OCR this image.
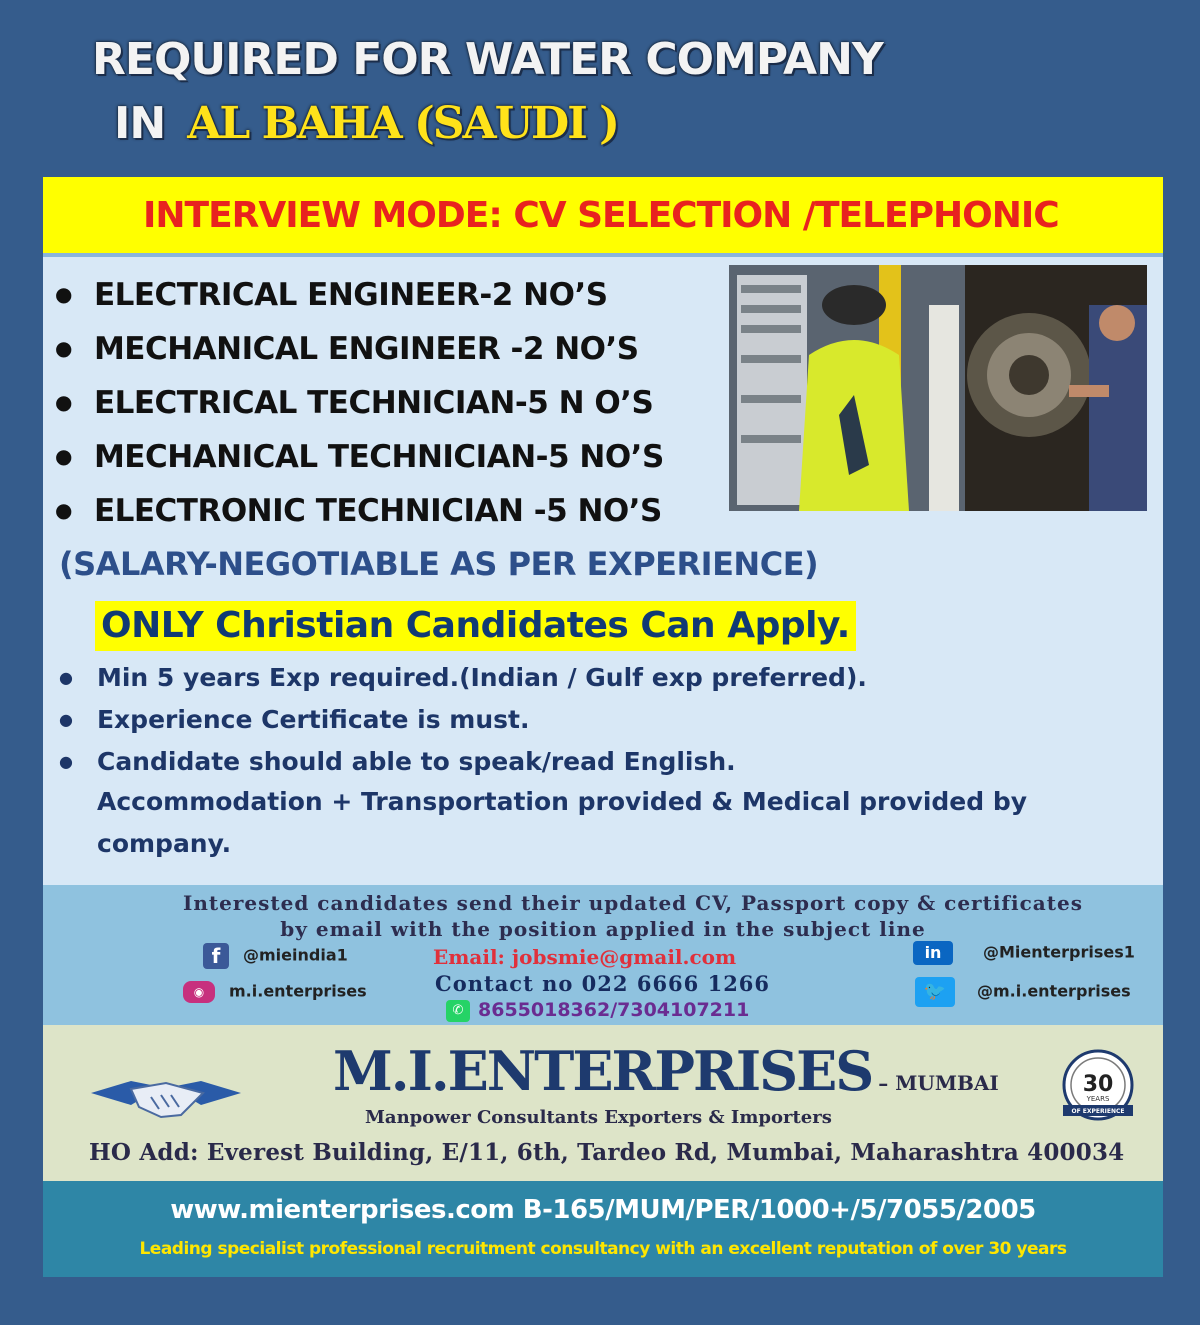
REQUIRED FOR WATER COMPANY
IN AL BAHA (SAUDI )
INTERVIEW MODE: CV SELECTION /TELEPHONIC
● ELECTRICAL ENGINEER-2 NO’S
● MECHANICAL ENGINEER -2 NO’S
● ELECTRICAL TECHNICIAN-5 N O’S
● MECHANICAL TECHNICIAN-5 NO’S
● ELECTRONIC TECHNICIAN -5 NO’S
(SALARY-NEGOTIABLE AS PER EXPERIENCE)
ONLY Christian Candidates Can Apply.
● Min 5 years Exp required.(Indian / Gulf exp preferred).
● Experience Certificate is must.
● Candidate should able to speak/read English.
Accommodation + Transportation provided & Medical provided by company.
Interested candidates send their updated CV, Passport copy & certificates
by email with the position applied in the subject line
f @mieindia1
◉ m.i.enterprises
in	@Mienterprises1
🐦 @m.i.enterprises
Email: jobsmie@gmail.com
Contact no 022 6666 1266
✆ 8655018362/7304107211
M.I.ENTERPRISES – MUMBAI
Manpower Consultants Exporters & Importers
30
YEARS
OF EXPERIENCE
HO Add: Everest Building, E/11, 6th, Tardeo Rd, Mumbai, Maharashtra 400034
www.mienterprises.com B-165/MUM/PER/1000+/5/7055/2005
Leading specialist professional recruitment consultancy with an excellent reputation of over 30 years
